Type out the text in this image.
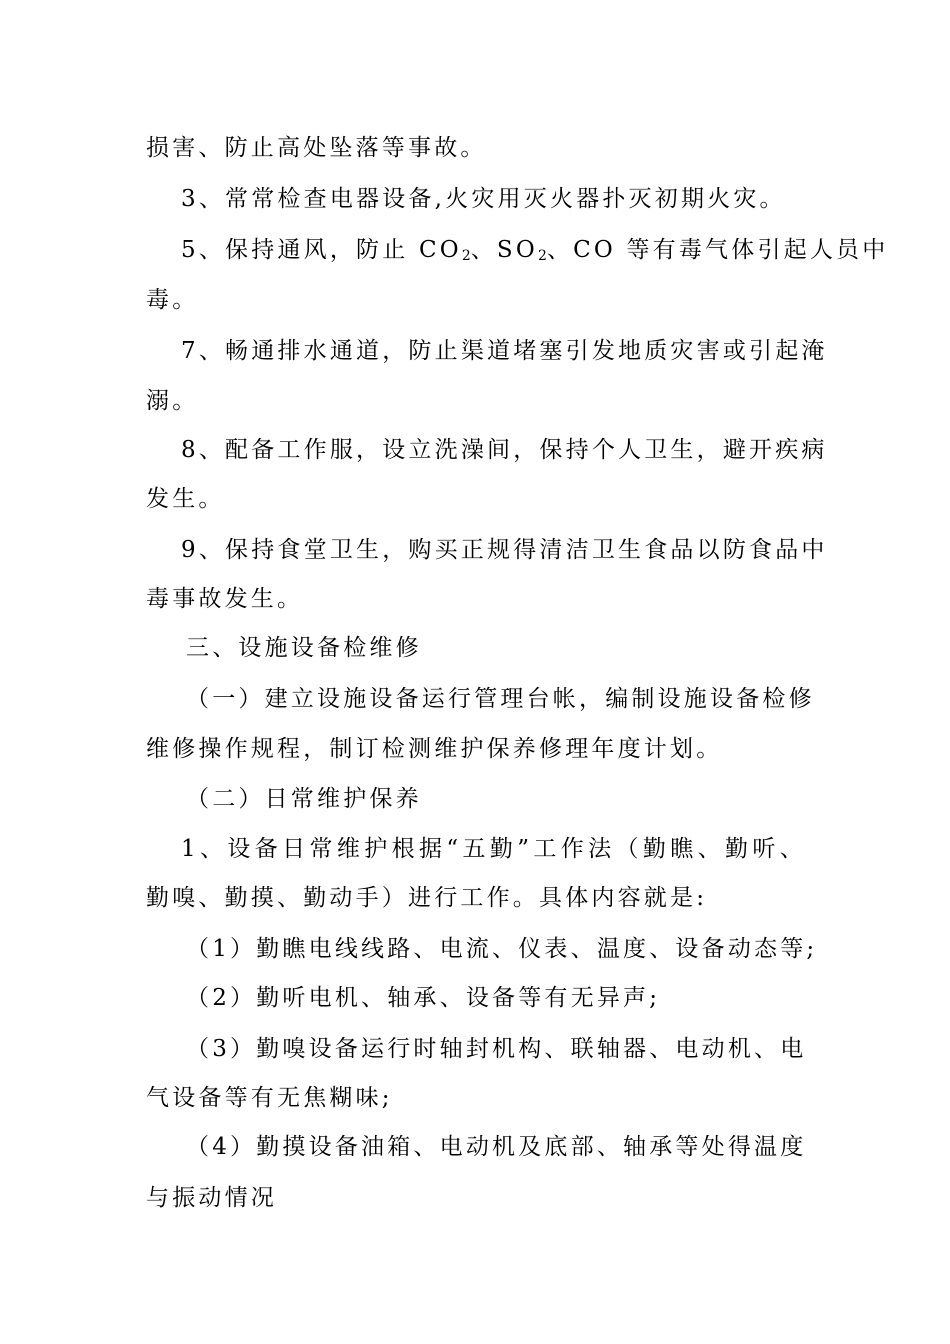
损害、防止高处坠落等事故。
3、常常检查电器设备,火灾用灭火器扑灭初期火灾。
5、保持通风，防止 $CO_2$、$SO_2$、CO 等有毒气体引起人员中
毒。
7、畅通排水通道，防止渠道堵塞引发地质灾害或引起淹
溺。
8、配备工作服，设立洗澡间，保持个人卫生，避开疾病
发生。
9、保持食堂卫生，购买正规得清洁卫生食品以防食品中
毒事故发生。
三、设施设备检维修
（一）建立设施设备运行管理台帐，编制设施设备检修
维修操作规程，制订检测维护保养修理年度计划。
（二）日常维护保养
1、设备日常维护根据“五勤”工作法（勤瞧、勤听、
勤嗅、勤摸、勤动手）进行工作。具体内容就是:
（1）勤瞧电线线路、电流、仪表、温度、设备动态等;
（2）勤听电机、轴承、设备等有无异声;
（3）勤嗅设备运行时轴封机构、联轴器、电动机、电
气设备等有无焦糊味;
（4）勤摸设备油箱、电动机及底部、轴承等处得温度
与振动情况
